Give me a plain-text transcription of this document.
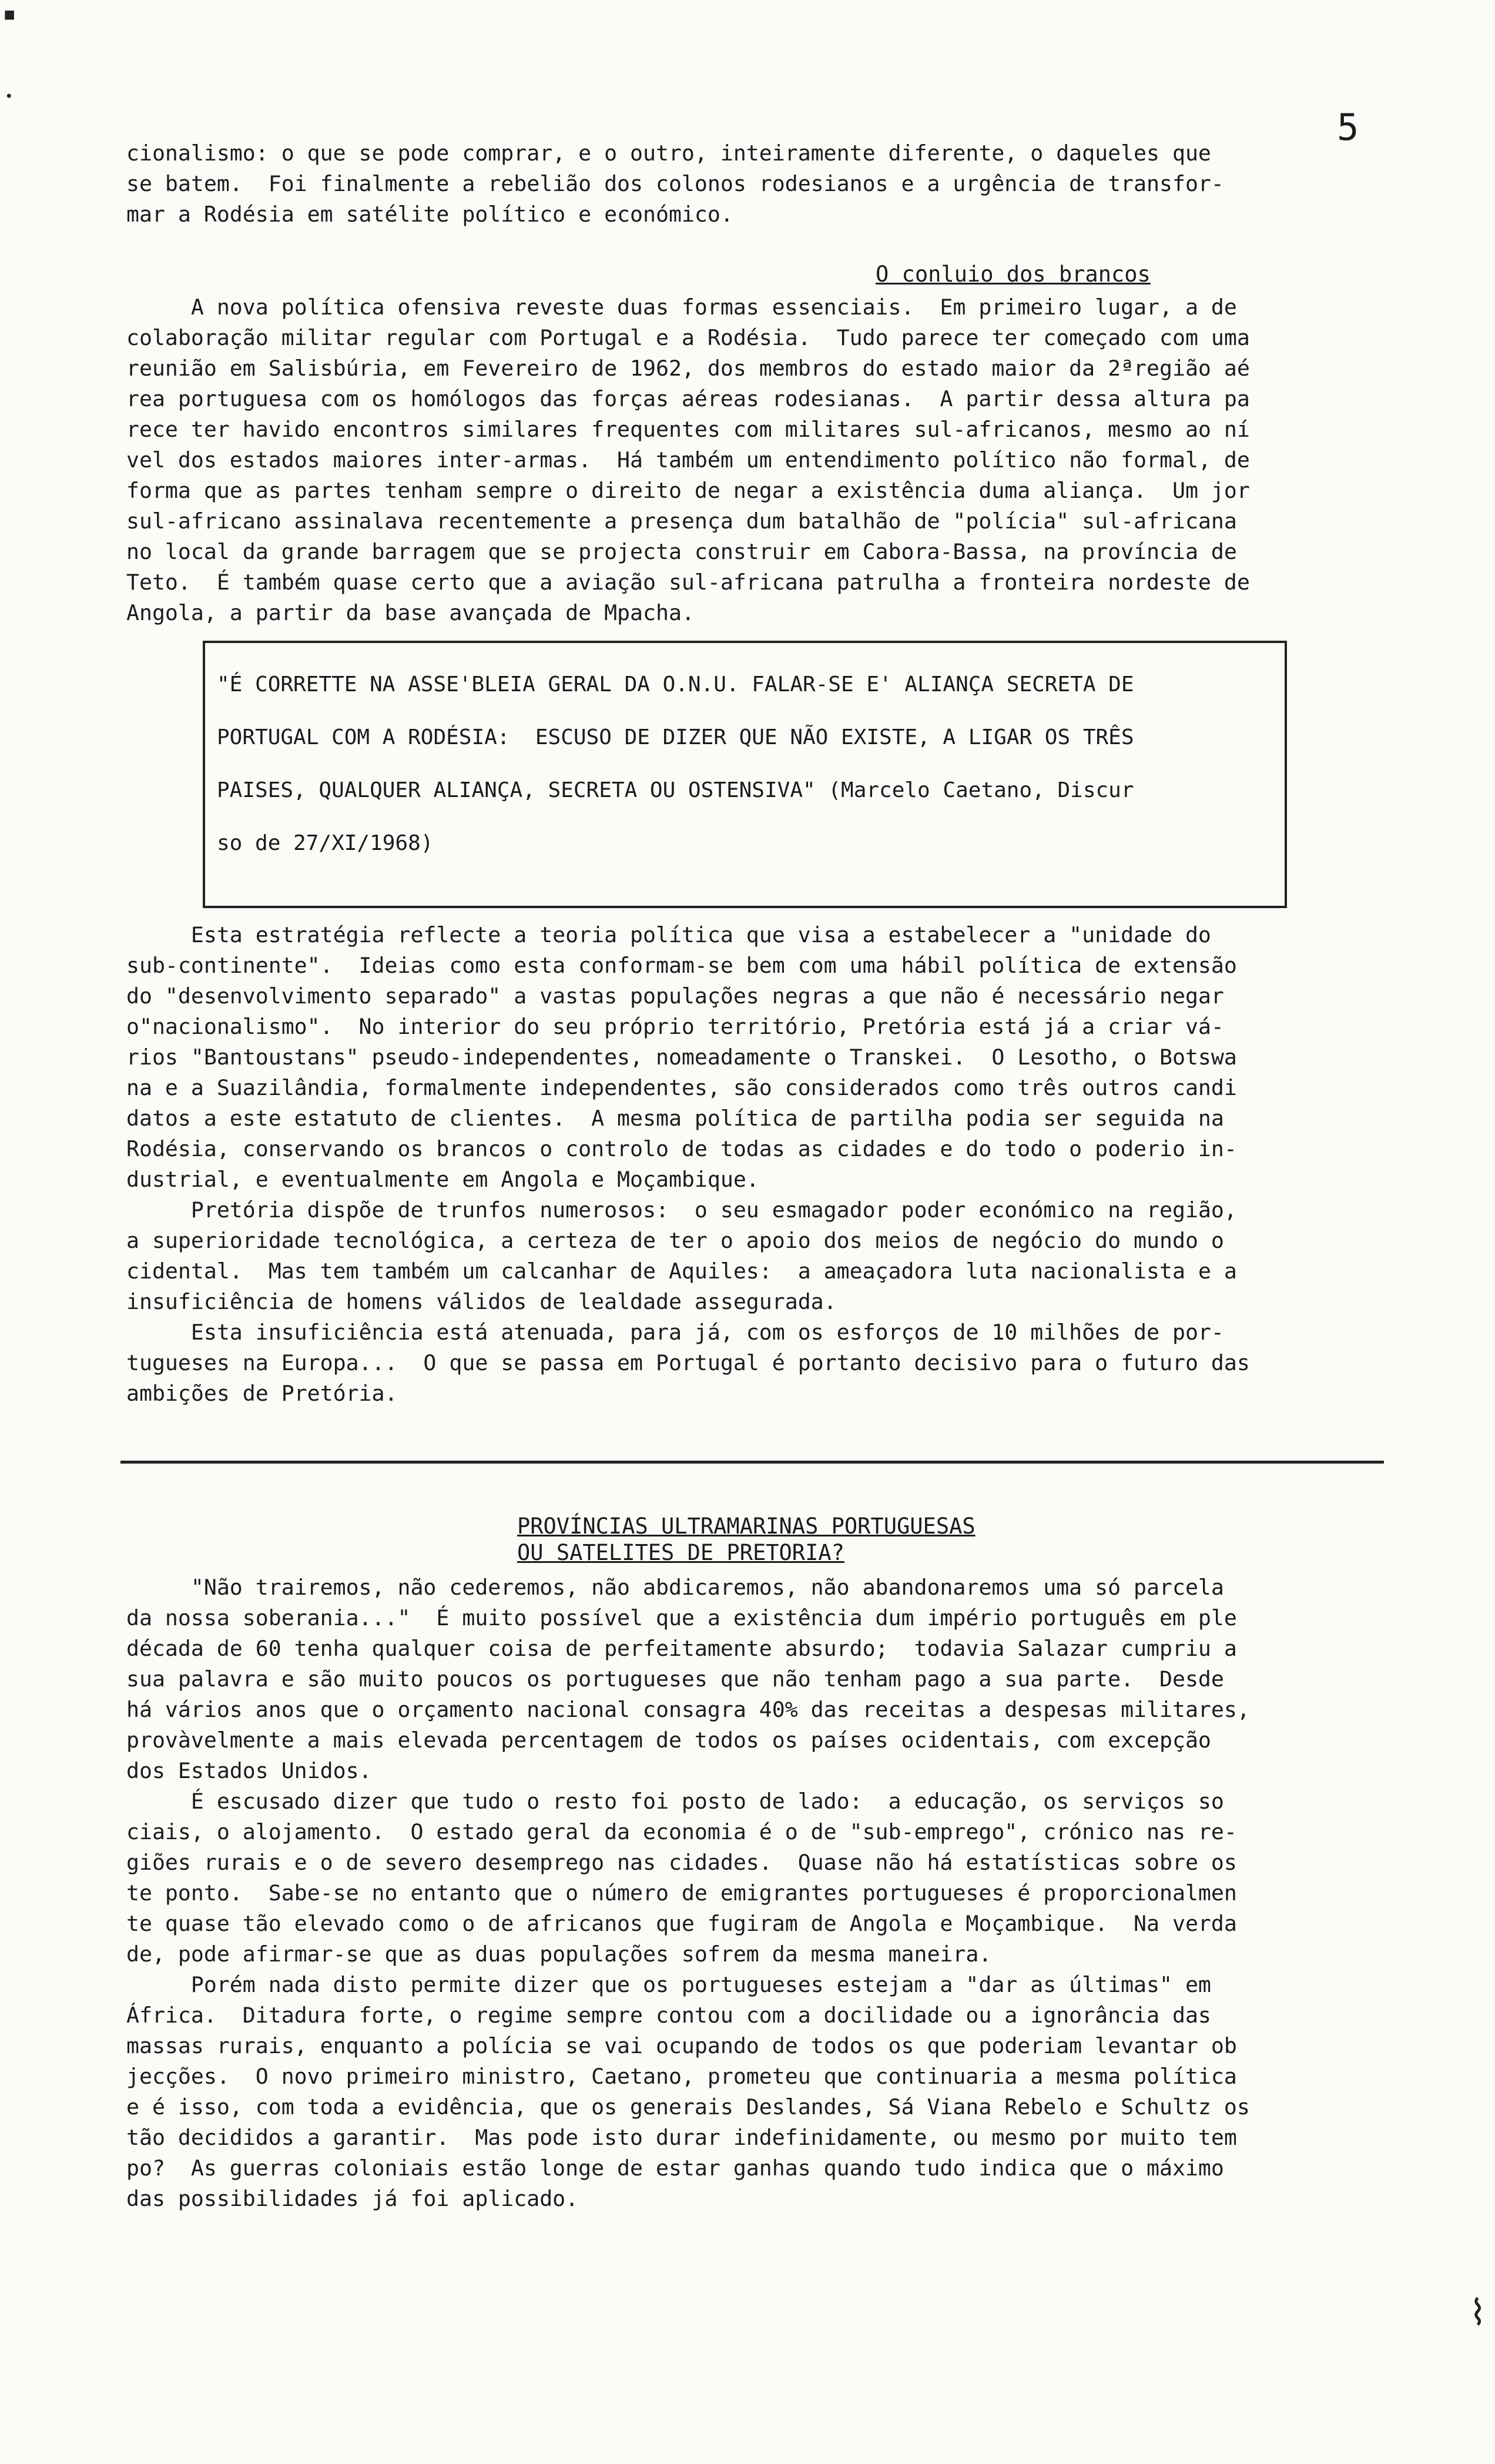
5
cionalismo: o que se pode comprar, e o outro, inteiramente diferente, o daqueles que
se batem.  Foi finalmente a rebelião dos colonos rodesianos e a urgência de transfor-
mar a Rodésia em satélite político e económico.
O conluio dos brancos
A nova política ofensiva reveste duas formas essenciais.  Em primeiro lugar, a de
colaboração militar regular com Portugal e a Rodésia.  Tudo parece ter começado com uma
reunião em Salisbúria, em Fevereiro de 1962, dos membros do estado maior da 2ªregião aé
rea portuguesa com os homólogos das forças aéreas rodesianas.  A partir dessa altura pa
rece ter havido encontros similares frequentes com militares sul-africanos, mesmo ao ní
vel dos estados maiores inter-armas.  Há também um entendimento político não formal, de
forma que as partes tenham sempre o direito de negar a existência duma aliança.  Um jor
sul-africano assinalava recentemente a presença dum batalhão de "polícia" sul-africana
no local da grande barragem que se projecta construir em Cabora-Bassa, na província de
Teto.  É também quase certo que a aviação sul-africana patrulha a fronteira nordeste de
Angola, a partir da base avançada de Mpacha.
"É CORRETTE NA ASSE'BLEIA GERAL DA O.N.U. FALAR-SE E' ALIANÇA SECRETA DE
PORTUGAL COM A RODÉSIA:  ESCUSO DE DIZER QUE NÃO EXISTE, A LIGAR OS TRÊS
PAISES, QUALQUER ALIANÇA, SECRETA OU OSTENSIVA" (Marcelo Caetano, Discur
so de 27/XI/1968)
Esta estratégia reflecte a teoria política que visa a estabelecer a "unidade do
sub-continente".  Ideias como esta conformam-se bem com uma hábil política de extensão
do "desenvolvimento separado" a vastas populações negras a que não é necessário negar
o"nacionalismo".  No interior do seu próprio território, Pretória está já a criar vá-
rios "Bantoustans" pseudo-independentes, nomeadamente o Transkei.  O Lesotho, o Botswa
na e a Suazilândia, formalmente independentes, são considerados como três outros candi
datos a este estatuto de clientes.  A mesma política de partilha podia ser seguida na
Rodésia, conservando os brancos o controlo de todas as cidades e do todo o poderio in-
dustrial, e eventualmente em Angola e Moçambique.
Pretória dispõe de trunfos numerosos:  o seu esmagador poder económico na região,
a superioridade tecnológica, a certeza de ter o apoio dos meios de negócio do mundo o
cidental.  Mas tem também um calcanhar de Aquiles:  a ameaçadora luta nacionalista e a
insuficiência de homens válidos de lealdade assegurada.
Esta insuficiência está atenuada, para já, com os esforços de 10 milhões de por-
tugueses na Europa...  O que se passa em Portugal é portanto decisivo para o futuro das
ambições de Pretória.
PROVÍNCIAS ULTRAMARINAS PORTUGUESAS
OU SATELITES DE PRETORIA?
"Não trairemos, não cederemos, não abdicaremos, não abandonaremos uma só parcela
da nossa soberania..."  É muito possível que a existência dum império português em ple
década de 60 tenha qualquer coisa de perfeitamente absurdo;  todavia Salazar cumpriu a
sua palavra e são muito poucos os portugueses que não tenham pago a sua parte.  Desde
há vários anos que o orçamento nacional consagra 40% das receitas a despesas militares,
provàvelmente a mais elevada percentagem de todos os países ocidentais, com excepção
dos Estados Unidos.
É escusado dizer que tudo o resto foi posto de lado:  a educação, os serviços so
ciais, o alojamento.  O estado geral da economia é o de "sub-emprego", crónico nas re-
giões rurais e o de severo desemprego nas cidades.  Quase não há estatísticas sobre os
te ponto.  Sabe-se no entanto que o número de emigrantes portugueses é proporcionalmen
te quase tão elevado como o de africanos que fugiram de Angola e Moçambique.  Na verda
de, pode afirmar-se que as duas populações sofrem da mesma maneira.
Porém nada disto permite dizer que os portugueses estejam a "dar as últimas" em
África.  Ditadura forte, o regime sempre contou com a docilidade ou a ignorância das
massas rurais, enquanto a polícia se vai ocupando de todos os que poderiam levantar ob
jecções.  O novo primeiro ministro, Caetano, prometeu que continuaria a mesma política
e é isso, com toda a evidência, que os generais Deslandes, Sá Viana Rebelo e Schultz os
tão decididos a garantir.  Mas pode isto durar indefinidamente, ou mesmo por muito tem
po?  As guerras coloniais estão longe de estar ganhas quando tudo indica que o máximo
das possibilidades já foi aplicado.
▪
•
⌇
